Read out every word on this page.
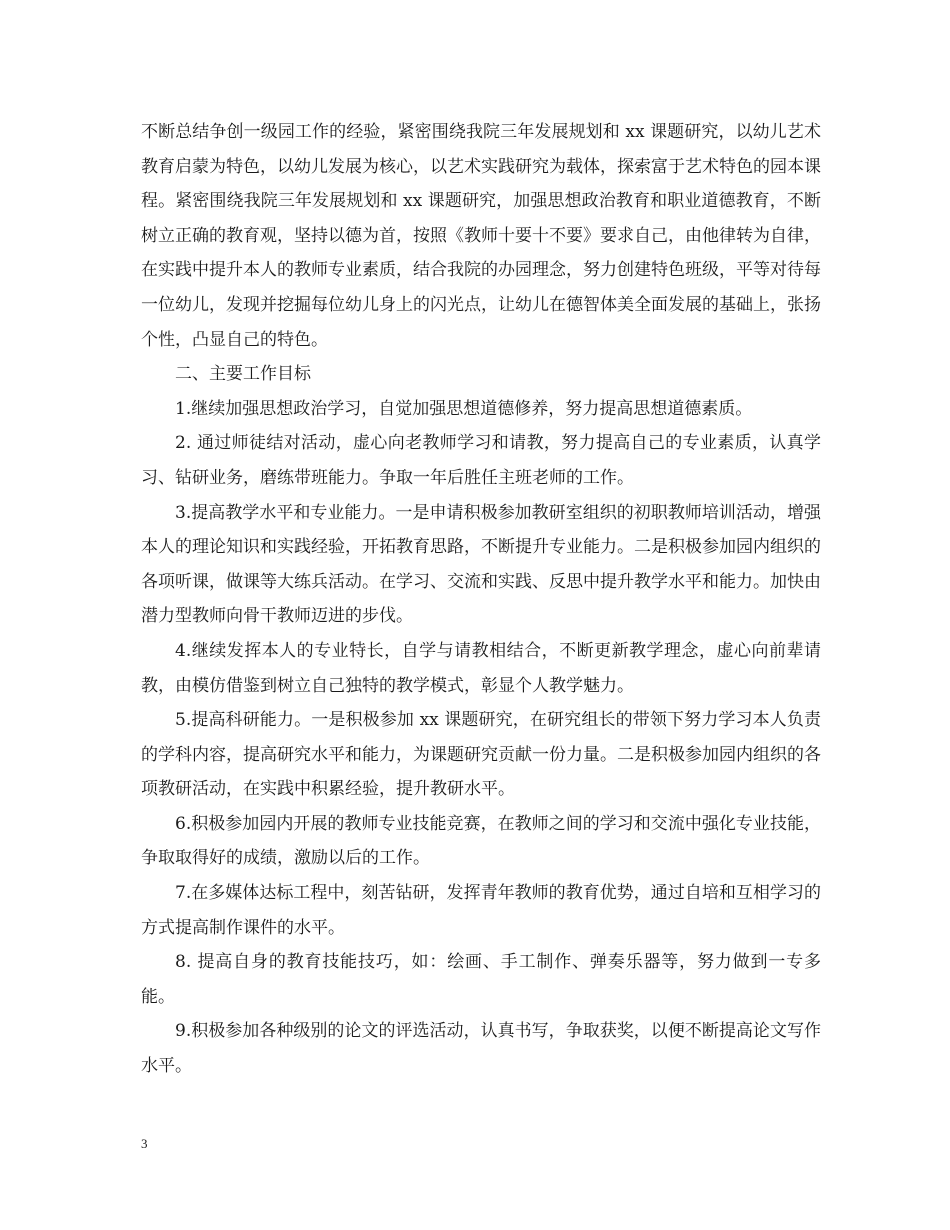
不断总结争创一级园工作的经验，紧密围绕我院三年发展规划和 xx 课题研究，以幼儿艺术教育启蒙为特色，以幼儿发展为核心，以艺术实践研究为载体，探索富于艺术特色的园本课程。紧密围绕我院三年发展规划和 xx 课题研究，加强思想政治教育和职业道德教育，不断树立正确的教育观，坚持以德为首，按照《教师十要十不要》要求自己，由他律转为自律，在实践中提升本人的教师专业素质，结合我院的办园理念，努力创建特色班级，平等对待每一位幼儿，发现并挖掘每位幼儿身上的闪光点，让幼儿在德智体美全面发展的基础上，张扬个性，凸显自己的特色。

二、主要工作目标

1.继续加强思想政治学习，自觉加强思想道德修养，努力提高思想道德素质。

2. 通过师徒结对活动，虚心向老教师学习和请教，努力提高自己的专业素质，认真学习、钻研业务，磨练带班能力。争取一年后胜任主班老师的工作。

3.提高教学水平和专业能力。一是申请积极参加教研室组织的初职教师培训活动，增强本人的理论知识和实践经验，开拓教育思路，不断提升专业能力。二是积极参加园内组织的各项听课，做课等大练兵活动。在学习、交流和实践、反思中提升教学水平和能力。加快由潜力型教师向骨干教师迈进的步伐。

4.继续发挥本人的专业特长，自学与请教相结合，不断更新教学理念，虚心向前辈请教，由模仿借鉴到树立自己独特的教学模式，彰显个人教学魅力。

5.提高科研能力。一是积极参加 xx 课题研究，在研究组长的带领下努力学习本人负责的学科内容，提高研究水平和能力，为课题研究贡献一份力量。二是积极参加园内组织的各项教研活动，在实践中积累经验，提升教研水平。

6.积极参加园内开展的教师专业技能竞赛，在教师之间的学习和交流中强化专业技能，争取取得好的成绩，激励以后的工作。

7.在多媒体达标工程中，刻苦钻研，发挥青年教师的教育优势，通过自培和互相学习的方式提高制作课件的水平。

8. 提高自身的教育技能技巧，如：绘画、手工制作、弹奏乐器等，努力做到一专多能。

9.积极参加各种级别的论文的评选活动，认真书写，争取获奖，以便不断提高论文写作水平。

3
